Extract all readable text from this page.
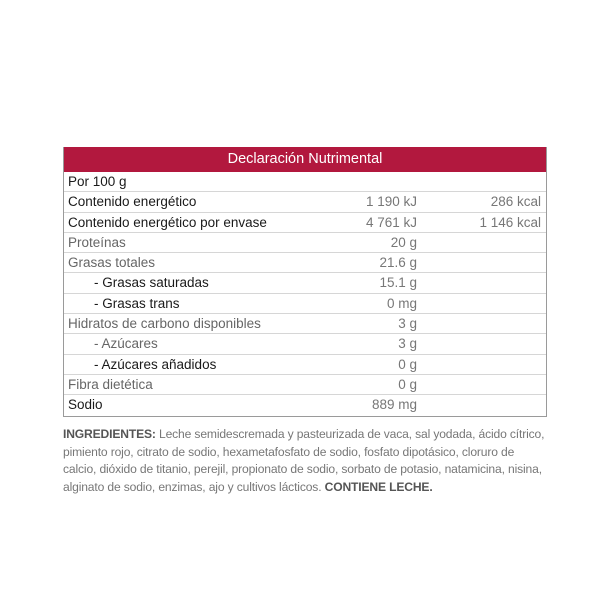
Declaración Nutrimental
Por 100 g
Contenido energético	1 190 kJ	286 kcal
Contenido energético por envase	4 761 kJ	1 146 kcal
Proteínas	20 g
Grasas totales	21.6 g
- Grasas saturadas	15.1 g
- Grasas trans	0 mg
Hidratos de carbono disponibles	3 g
- Azúcares	3 g
- Azúcares añadidos	0 g
Fibra dietética	0 g
Sodio	889 mg
INGREDIENTES: Leche semidescremada y pasteurizada de vaca, sal yodada, ácido cítrico, pimiento rojo, citrato de sodio, hexametafosfato de sodio, fosfato dipotásico, cloruro de calcio, dióxido de titanio, perejil, propionato de sodio, sorbato de potasio, natamicina, nisina, alginato de sodio, enzimas, ajo y cultivos lácticos. CONTIENE LECHE.
